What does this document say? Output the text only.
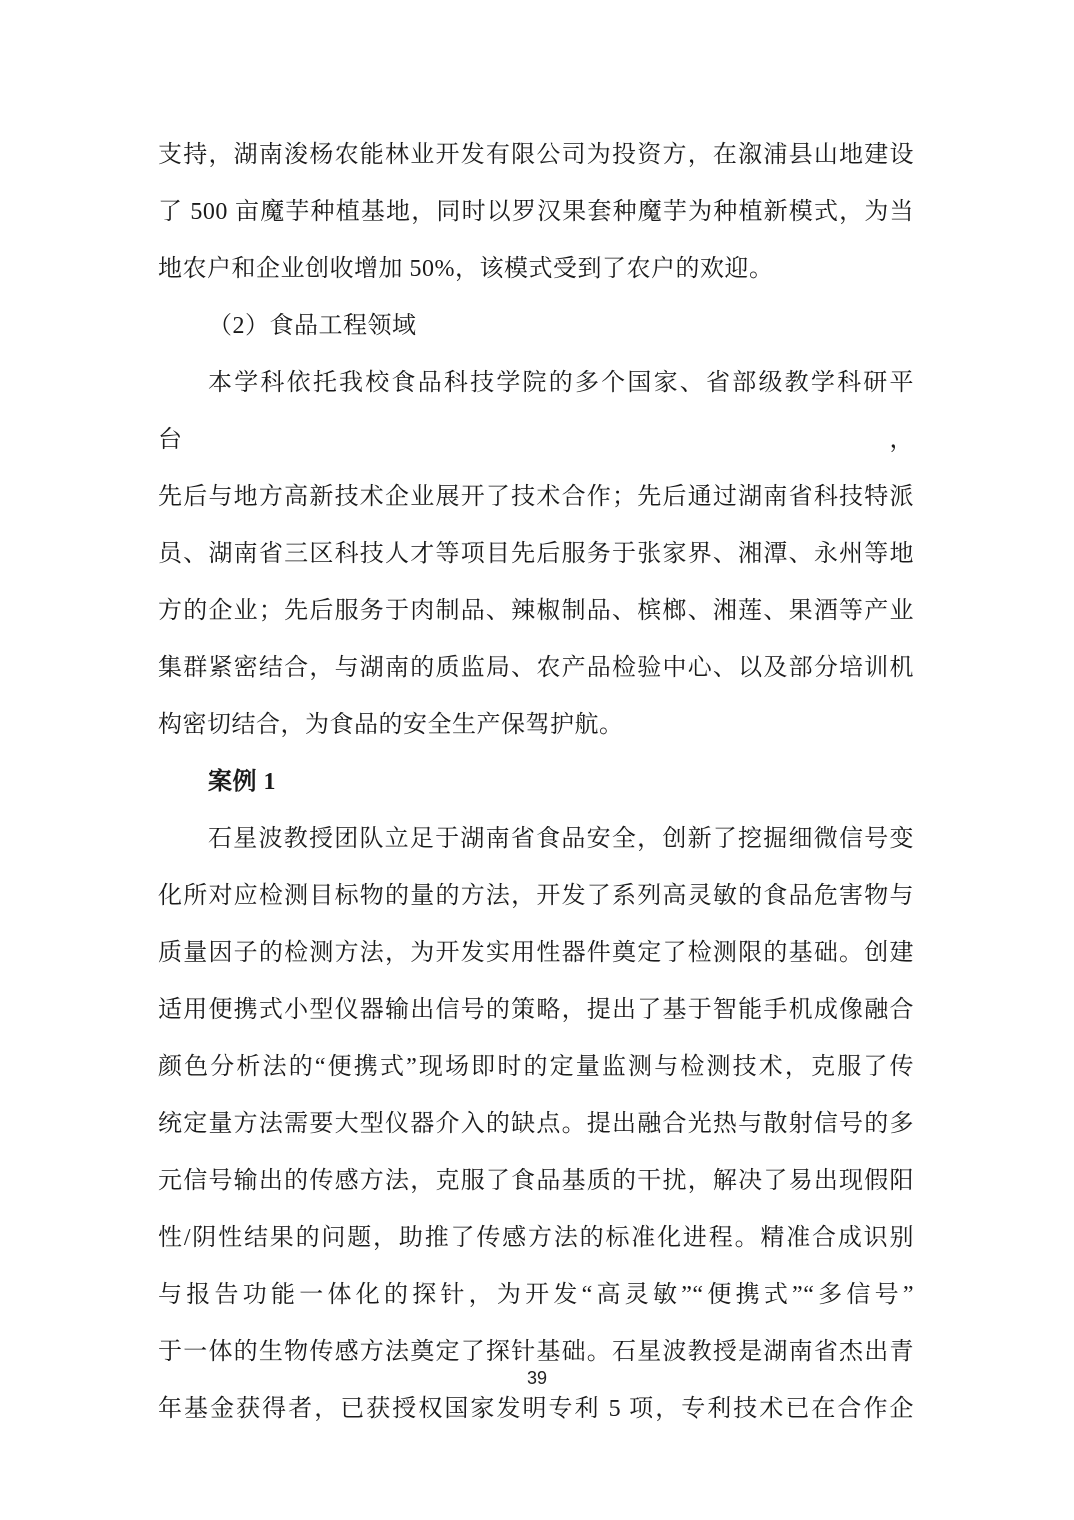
支持，湖南浚杨农能林业开发有限公司为投资方，在溆浦县山地建设
了 500 亩魔芋种植基地，同时以罗汉果套种魔芋为种植新模式，为当
地农户和企业创收增加 50%，该模式受到了农户的欢迎。
（2）食品工程领域
本学科依托我校食品科技学院的多个国家、省部级教学科研平台，
先后与地方高新技术企业展开了技术合作；先后通过湖南省科技特派
员、湖南省三区科技人才等项目先后服务于张家界、湘潭、永州等地
方的企业；先后服务于肉制品、辣椒制品、槟榔、湘莲、果酒等产业
集群紧密结合，与湖南的质监局、农产品检验中心、以及部分培训机
构密切结合，为食品的安全生产保驾护航。
案例 1
石星波教授团队立足于湖南省食品安全，创新了挖掘细微信号变
化所对应检测目标物的量的方法，开发了系列高灵敏的食品危害物与
质量因子的检测方法，为开发实用性器件奠定了检测限的基础。创建
适用便携式小型仪器输出信号的策略，提出了基于智能手机成像融合
颜色分析法的“便携式”现场即时的定量监测与检测技术，克服了传
统定量方法需要大型仪器介入的缺点。提出融合光热与散射信号的多
元信号输出的传感方法，克服了食品基质的干扰，解决了易出现假阳
性/阴性结果的问题，助推了传感方法的标准化进程。精准合成识别
与报告功能一体化的探针，为开发“高灵敏”“便携式”“多信号”
于一体的生物传感方法奠定了探针基础。石星波教授是湖南省杰出青
年基金获得者，已获授权国家发明专利 5 项，专利技术已在合作企
39
